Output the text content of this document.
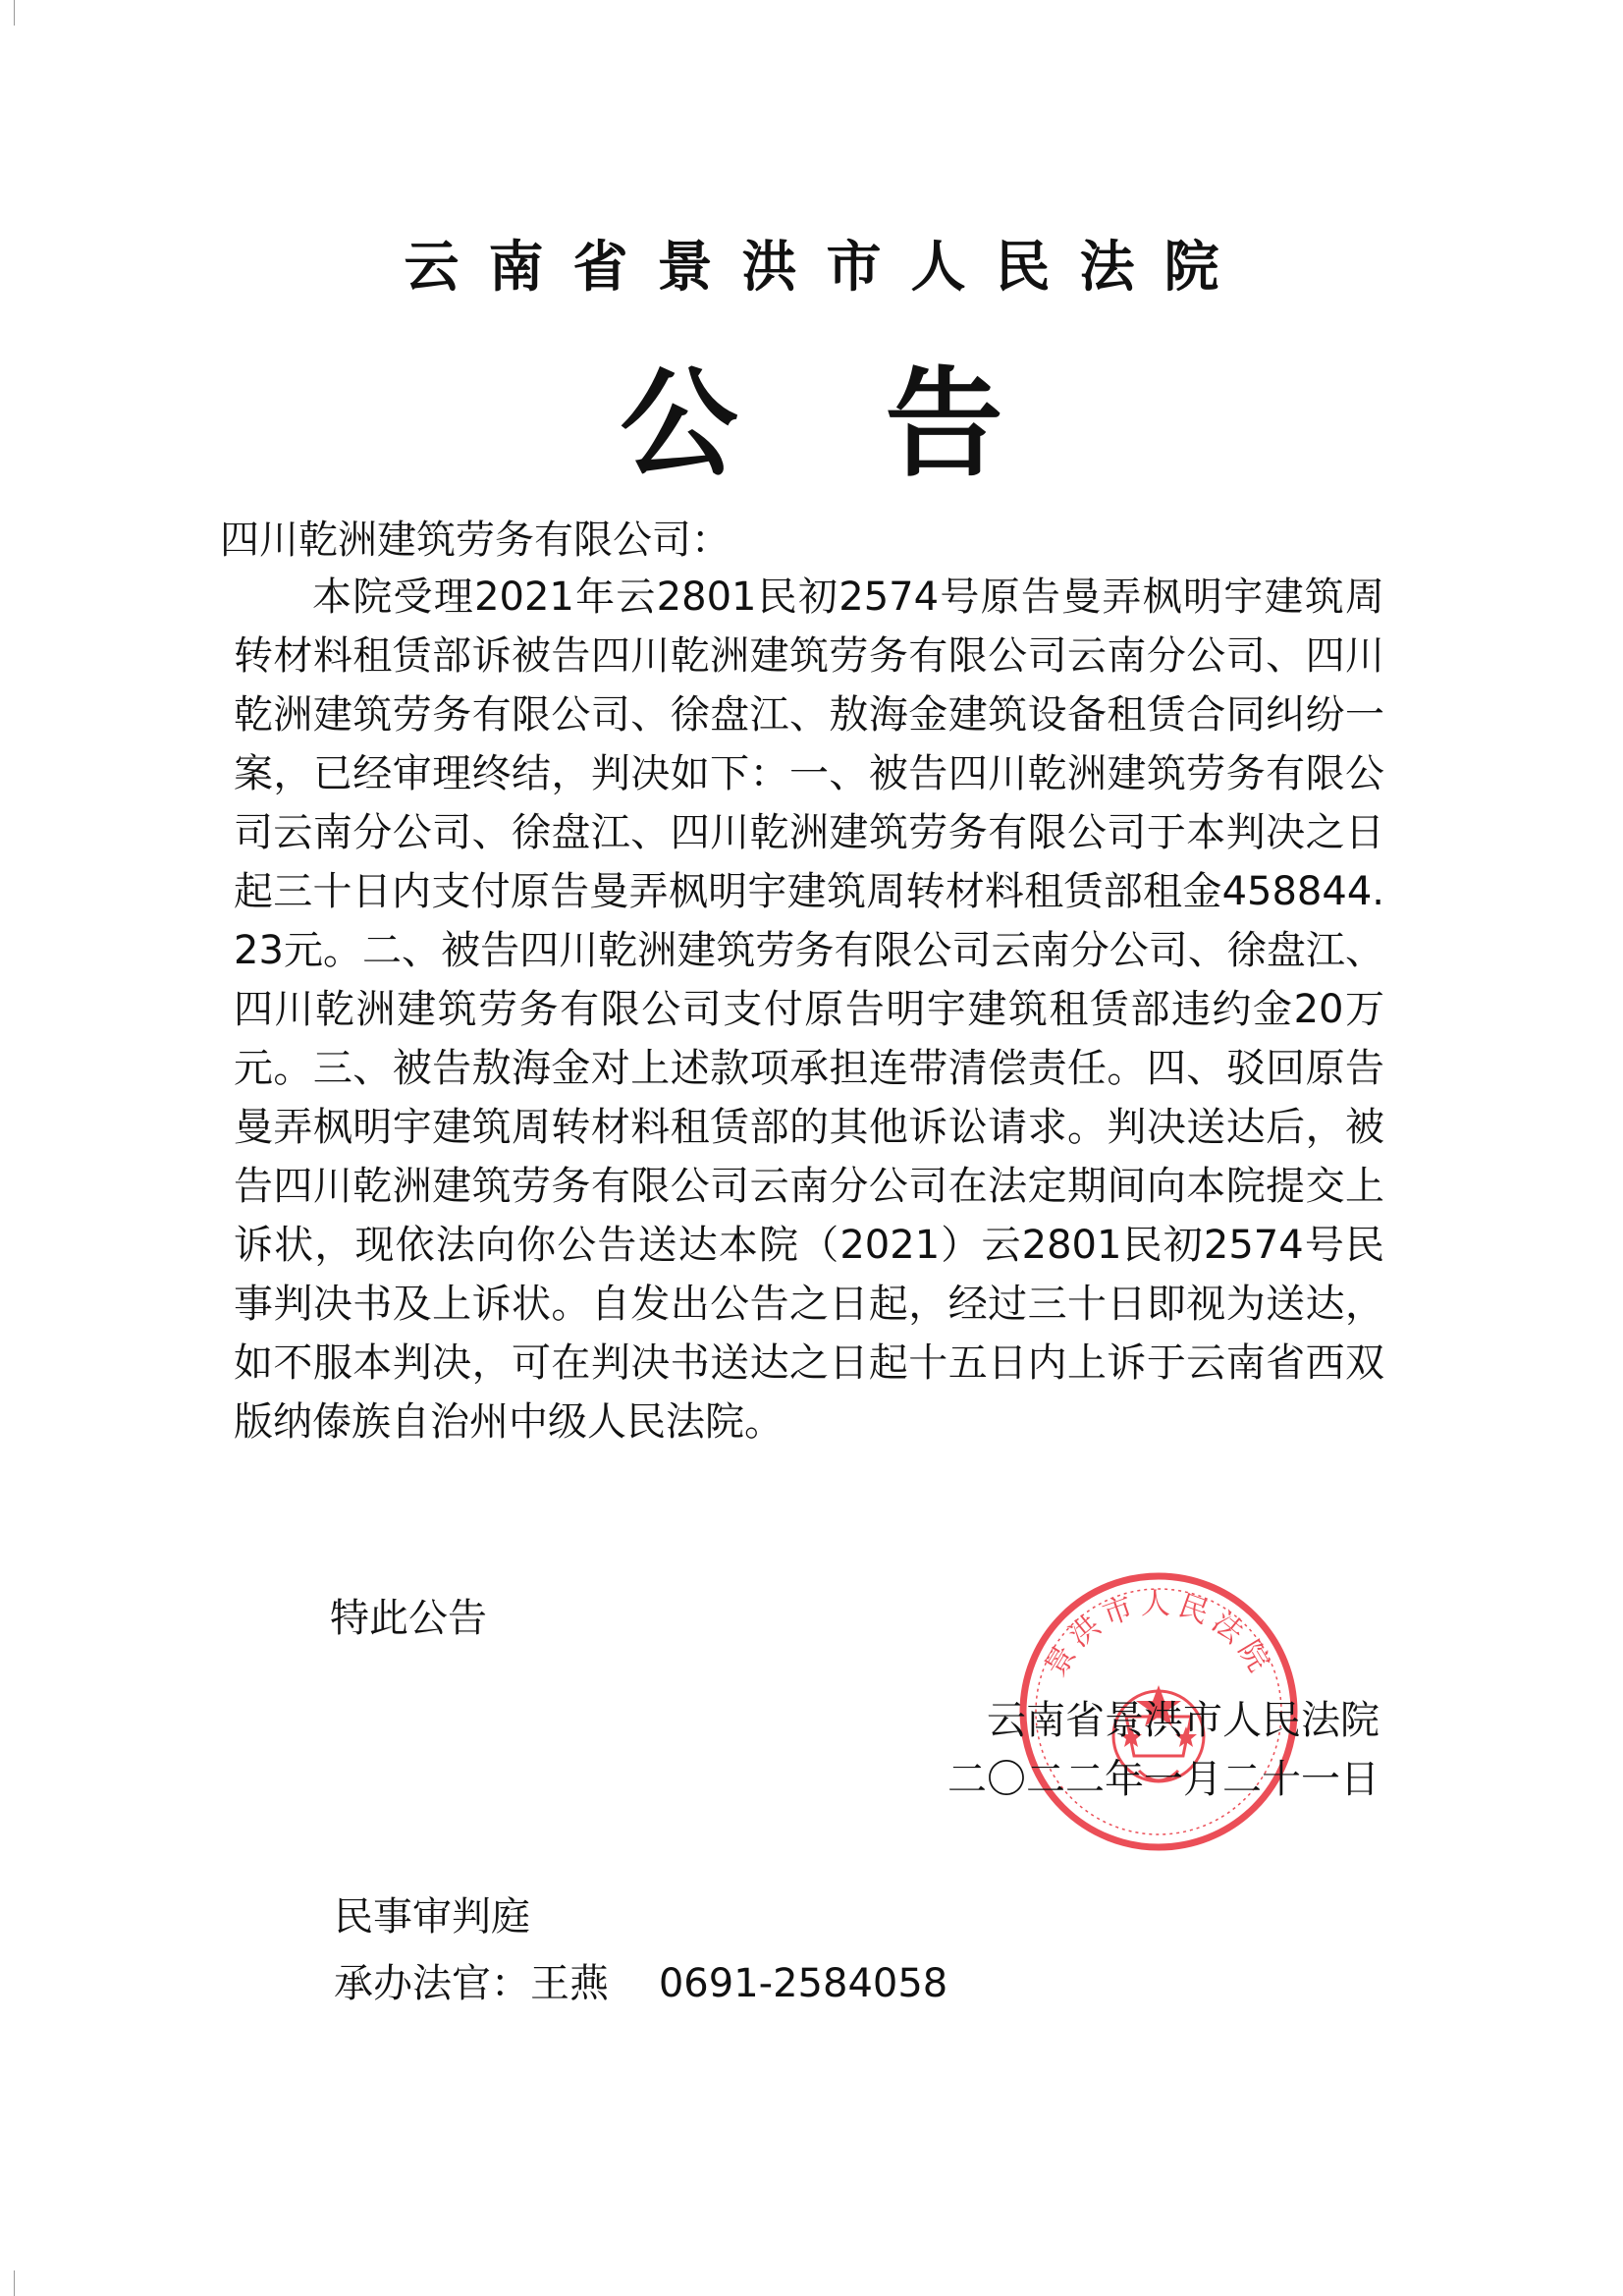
云南省景洪市人民法院
公告
四川乾洲建筑劳务有限公司：
本院受理2021年云2801民初2574号原告曼弄枫明宇建筑周转材料租赁部诉被告四川乾洲建筑劳务有限公司云南分公司、四川乾洲建筑劳务有限公司、徐盘江、敖海金建筑设备租赁合同纠纷一案，已经审理终结，判决如下：一、被告四川乾洲建筑劳务有限公司云南分公司、徐盘江、四川乾洲建筑劳务有限公司于本判决之日起三十日内支付原告曼弄枫明宇建筑周转材料租赁部租金458844.23元。二、被告四川乾洲建筑劳务有限公司云南分公司、徐盘江、四川乾洲建筑劳务有限公司支付原告明宇建筑租赁部违约金20万元。三、被告敖海金对上述款项承担连带清偿责任。四、驳回原告曼弄枫明宇建筑周转材料租赁部的其他诉讼请求。判决送达后，被告四川乾洲建筑劳务有限公司云南分公司在法定期间向本院提交上诉状，现依法向你公告送达本院（2021）云2801民初2574号民事判决书及上诉状。自发出公告之日起，经过三十日即视为送达，如不服本判决，可在判决书送达之日起十五日内上诉于云南省西双版纳傣族自治州中级人民法院。
特此公告
景洪市人民法院
云南省景洪市人民法院
二〇二二年一月二十一日
民事审判庭
承办法官：王燕 0691-2584058
